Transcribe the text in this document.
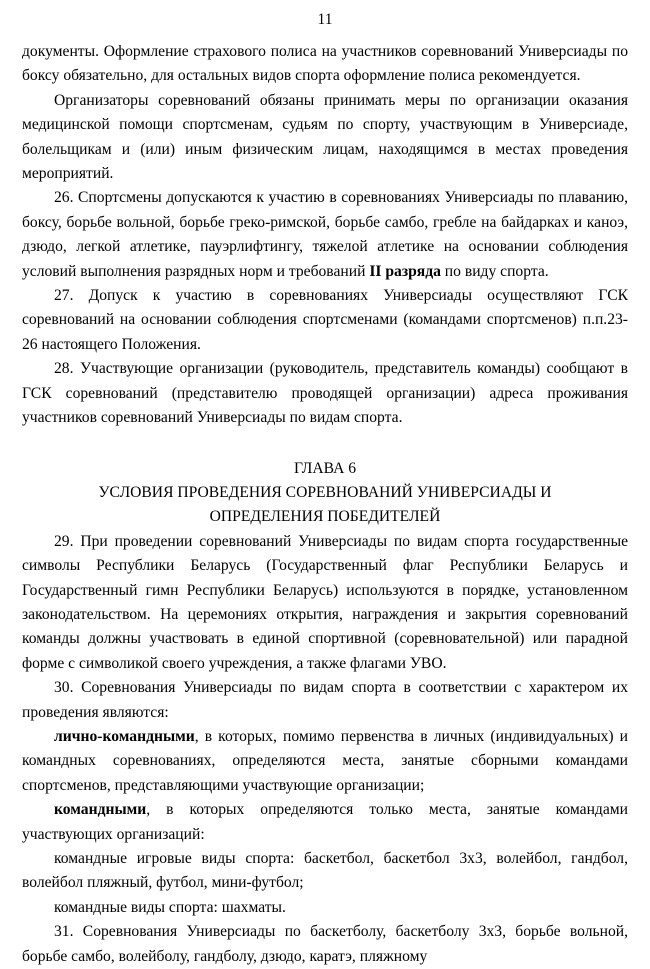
11

документы. Оформление страхового полиса на участников соревнований Универсиады по боксу обязательно, для остальных видов спорта оформление полиса рекомендуется.

Организаторы соревнований обязаны принимать меры по организации оказания медицинской помощи спортсменам, судьям по спорту, участвующим в Универсиаде, болельщикам и (или) иным физическим лицам, находящимся в местах проведения мероприятий.

26. Спортсмены допускаются к участию в соревнованиях Универсиады по плаванию, боксу, борьбе вольной, борьбе греко-римской, борьбе самбо, гребле на байдарках и каноэ, дзюдо, легкой атлетике, пауэрлифтингу, тяжелой атлетике на основании соблюдения условий выполнения разрядных норм и требований II разряда по виду спорта.

27. Допуск к участию в соревнованиях Универсиады осуществляют ГСК соревнований на основании соблюдения спортсменами (командами спортсменов) п.п.23-26 настоящего Положения.

28. Участвующие организации (руководитель, представитель команды) сообщают в ГСК соревнований (представителю проводящей организации) адреса проживания участников соревнований Универсиады по видам спорта.

ГЛАВА 6
УСЛОВИЯ ПРОВЕДЕНИЯ СОРЕВНОВАНИЙ УНИВЕРСИАДЫ И
ОПРЕДЕЛЕНИЯ ПОБЕДИТЕЛЕЙ

29. При проведении соревнований Универсиады по видам спорта государственные символы Республики Беларусь (Государственный флаг Республики Беларусь и Государственный гимн Республики Беларусь) используются в порядке, установленном законодательством. На церемониях открытия, награждения и закрытия соревнований команды должны участвовать в единой спортивной (соревновательной) или парадной форме с символикой своего учреждения, а также флагами УВО.

30. Соревнования Универсиады по видам спорта в соответствии с характером их проведения являются:

лично-командными, в которых, помимо первенства в личных (индивидуальных) и командных соревнованиях, определяются места, занятые сборными командами спортсменов, представляющими участвующие организации;

командными, в которых определяются только места, занятые командами участвующих организаций:

командные игровые виды спорта: баскетбол, баскетбол 3х3, волейбол, гандбол, волейбол пляжный, футбол, мини-футбол;

командные виды спорта: шахматы.

31. Соревнования Универсиады по баскетболу, баскетболу 3х3, борьбе вольной, борьбе самбо, волейболу, гандболу, дзюдо, каратэ, пляжному
